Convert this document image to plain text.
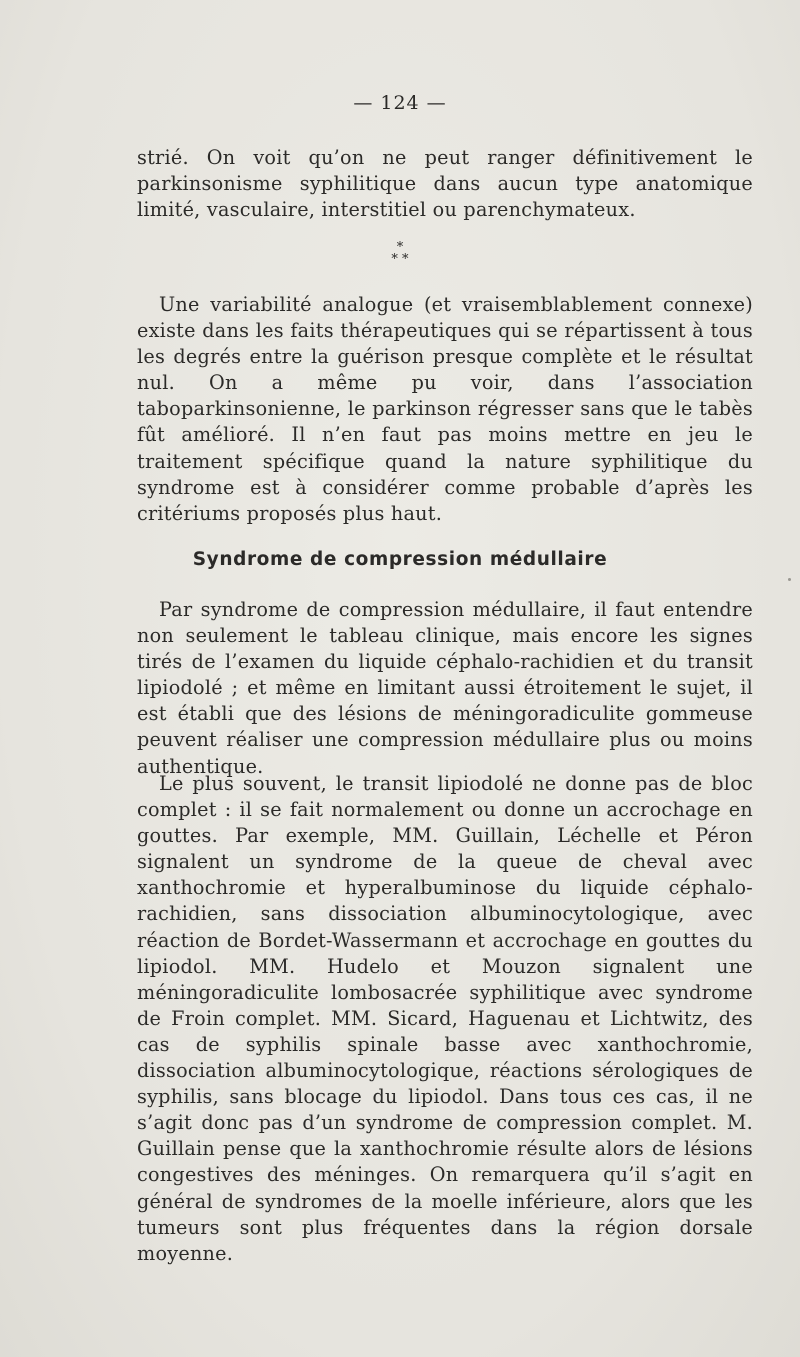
— 124 —

strié. On voit qu’on ne peut ranger définitivement le parkinsonisme syphilitique dans aucun type anatomique limité, vasculaire, interstitiel ou parenchymateux.

*
* *

Une variabilité analogue (et vraisemblablement connexe) existe dans les faits thérapeutiques qui se répartissent à tous les degrés entre la guérison presque complète et le résultat nul. On a même pu voir, dans l’association taboparkinsonienne, le parkinson régresser sans que le tabès fût amélioré. Il n’en faut pas moins mettre en jeu le traitement spécifique quand la nature syphilitique du syndrome est à considérer comme probable d’après les critériums proposés plus haut.

Syndrome de compression médullaire

Par syndrome de compression médullaire, il faut entendre non seulement le tableau clinique, mais encore les signes tirés de l’examen du liquide céphalo-rachidien et du transit lipiodolé ; et même en limitant aussi étroitement le sujet, il est établi que des lésions de méningoradiculite gommeuse peuvent réaliser une compression médullaire plus ou moins authentique.

Le plus souvent, le transit lipiodolé ne donne pas de bloc complet : il se fait normalement ou donne un accrochage en gouttes. Par exemple, MM. Guillain, Léchelle et Péron signalent un syndrome de la queue de cheval avec xanthochromie et hyperalbuminose du liquide céphalo-rachidien, sans dissociation albuminocytologique, avec réaction de Bordet-Wassermann et accrochage en gouttes du lipiodol. MM. Hudelo et Mouzon signalent une méningoradiculite lombosacrée syphilitique avec syndrome de Froin complet. MM. Sicard, Haguenau et Lichtwitz, des cas de syphilis spinale basse avec xanthochromie, dissociation albuminocytologique, réactions sérologiques de syphilis, sans blocage du lipiodol. Dans tous ces cas, il ne s’agit donc pas d’un syndrome de compression complet. M. Guillain pense que la xanthochromie résulte alors de lésions congestives des méninges. On remarquera qu’il s’agit en général de syndromes de la moelle inférieure, alors que les tumeurs sont plus fréquentes dans la région dorsale moyenne.
